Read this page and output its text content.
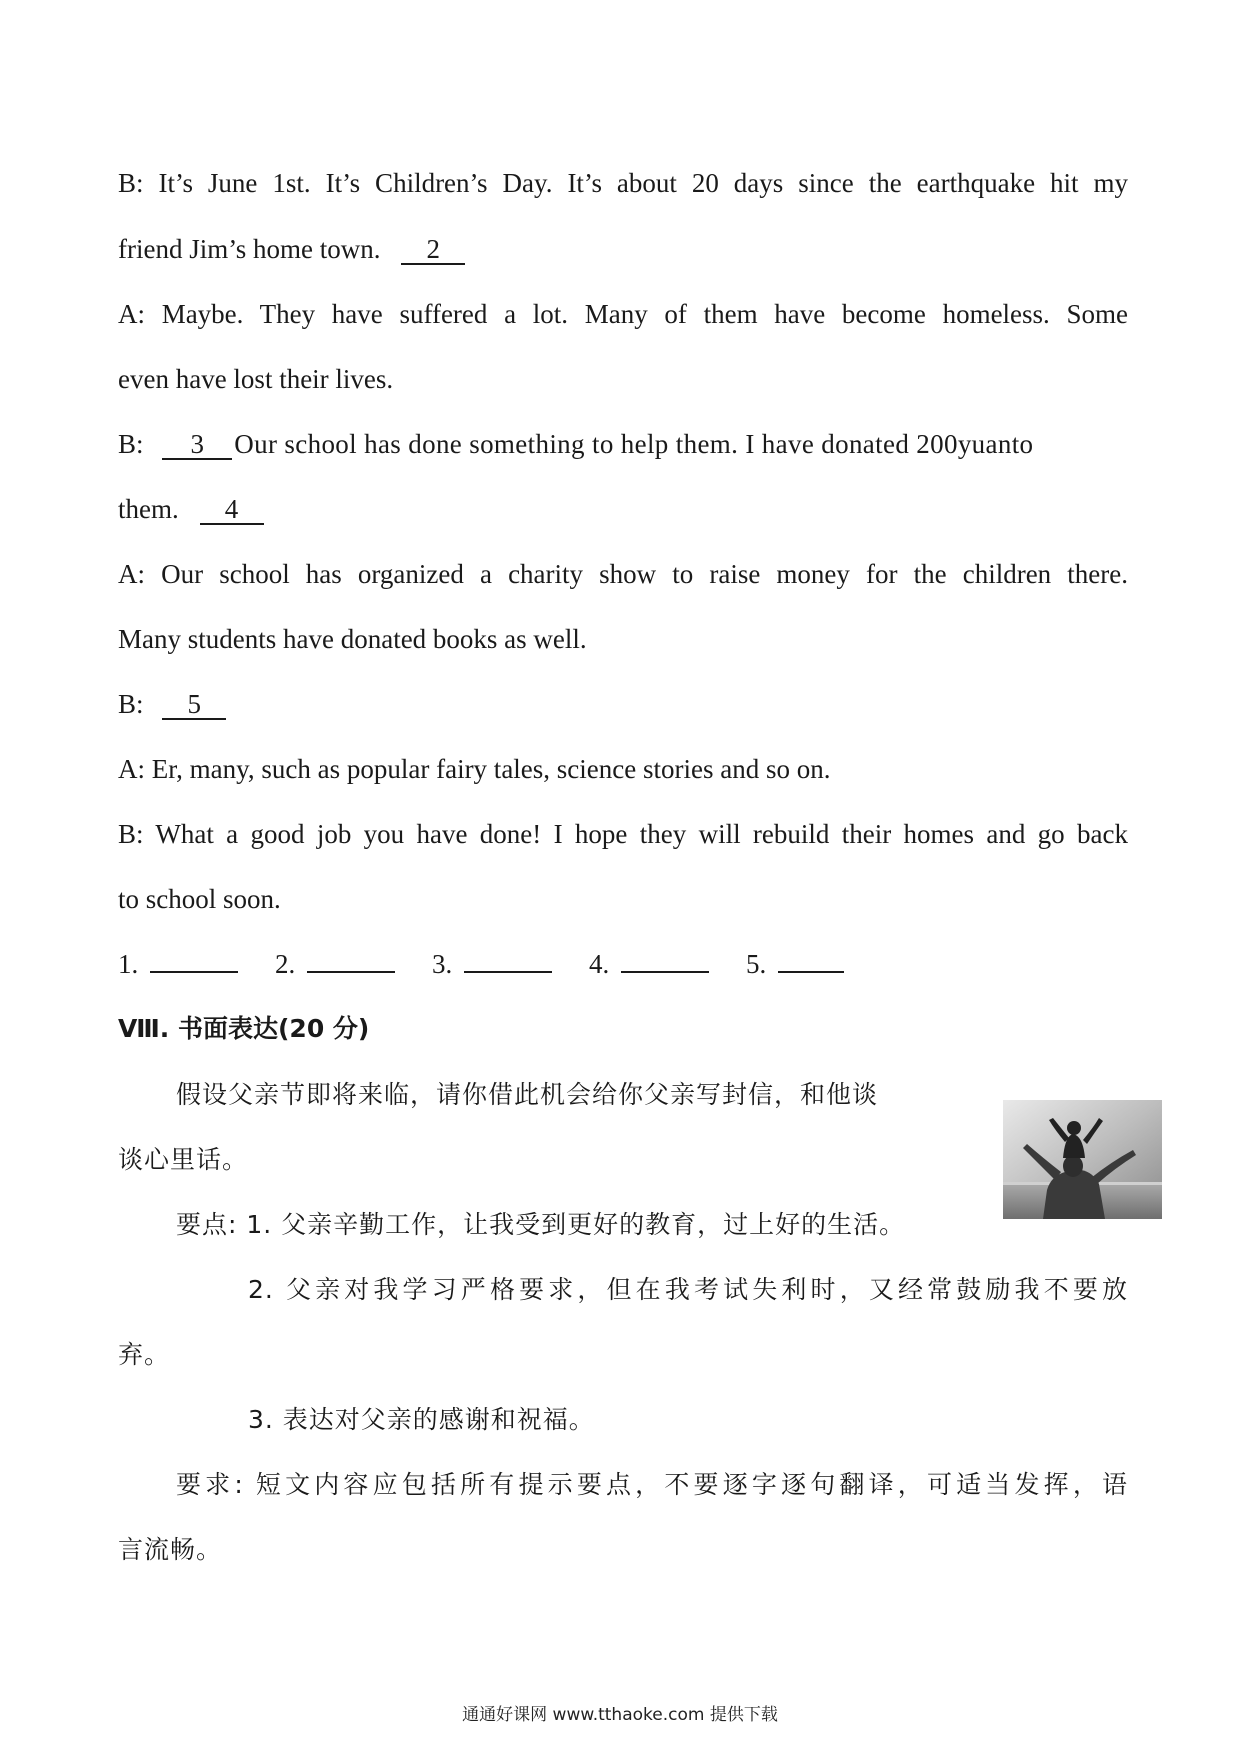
B: It’s June 1st. It’s Children’s Day. It’s about 20 days since the earthquake hit my
friend Jim’s home town. 2
A: Maybe. They have suffered a lot. Many of them have become homeless. Some
even have lost their lives.
B: 3 Our school has done something to help them. I have donated 200yuanto
them. 4
A: Our school has organized a charity show to raise money for the children there.
Many students have donated books as well.
B: 5
A: Er, many, such as popular fairy tales, science stories and so on.
B: What a good job you have done! I hope they will rebuild their homes and go back
to school soon.
1.	2.	3.	4.	5.
Ⅷ. 书面表达(20 分)
假设父亲节即将来临，请你借此机会给你父亲写封信，和他谈
谈心里话。
要点: 1. 父亲辛勤工作，让我受到更好的教育，过上好的生活。
2. 父亲对我学习严格要求，但在我考试失利时，又经常鼓励我不要放
弃。
3. 表达对父亲的感谢和祝福。
要求: 短文内容应包括所有提示要点，不要逐字逐句翻译，可适当发挥，语
言流畅。
通通好课网 www.tthaoke.com 提供下载
